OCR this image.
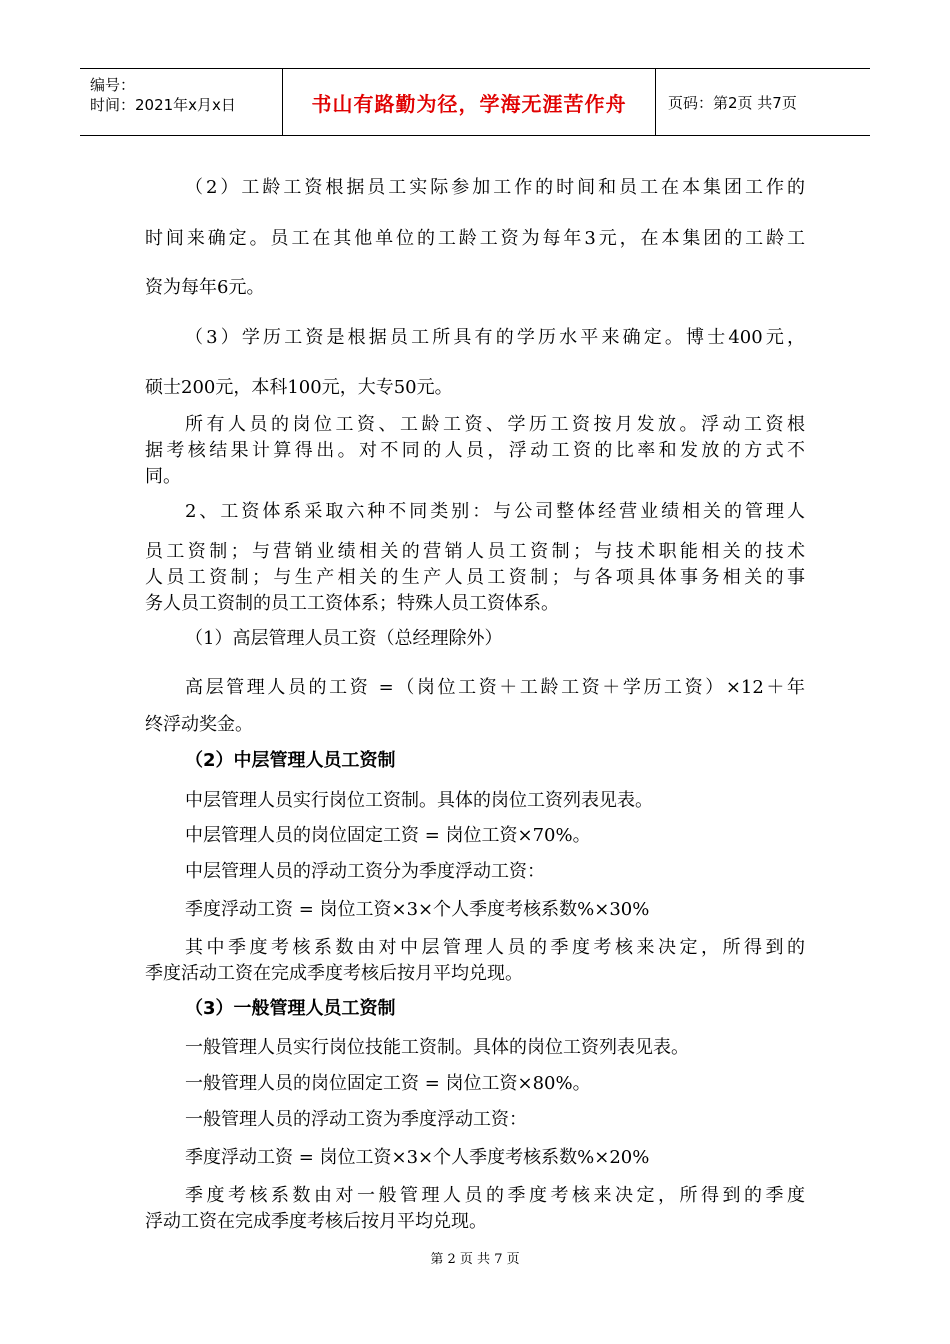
编号：
时间：2021年x月x日	书山有路勤为径，学海无涯苦作舟	页码：第2页 共7页

（2）工龄工资根据员工实际参加工作的时间和员工在本集团工作的

时间来确定。员工在其他单位的工龄工资为每年3元，在本集团的工龄工

资为每年6元。

（3）学历工资是根据员工所具有的学历水平来确定。博士400元，

硕士200元，本科100元，大专50元。

所有人员的岗位工资、工龄工资、学历工资按月发放。浮动工资根

据考核结果计算得出。对不同的人员，浮动工资的比率和发放的方式不

同。

2、工资体系采取六种不同类别：与公司整体经营业绩相关的管理人

员工资制；与营销业绩相关的营销人员工资制；与技术职能相关的技术

人员工资制；与生产相关的生产人员工资制；与各项具体事务相关的事

务人员工资制的员工工资体系；特殊人员工资体系。

（1）高层管理人员工资（总经理除外）

高层管理人员的工资 =（岗位工资＋工龄工资＋学历工资）×12＋年

终浮动奖金。

（2）中层管理人员工资制

中层管理人员实行岗位工资制。具体的岗位工资列表见表。

中层管理人员的岗位固定工资 = 岗位工资×70%。

中层管理人员的浮动工资分为季度浮动工资：

季度浮动工资 = 岗位工资×3×个人季度考核系数%×30%

其中季度考核系数由对中层管理人员的季度考核来决定，所得到的

季度活动工资在完成季度考核后按月平均兑现。

（3）一般管理人员工资制

一般管理人员实行岗位技能工资制。具体的岗位工资列表见表。

一般管理人员的岗位固定工资 = 岗位工资×80%。

一般管理人员的浮动工资为季度浮动工资：

季度浮动工资 = 岗位工资×3×个人季度考核系数%×20%

季度考核系数由对一般管理人员的季度考核来决定，所得到的季度

浮动工资在完成季度考核后按月平均兑现。

第 2 页 共 7 页
